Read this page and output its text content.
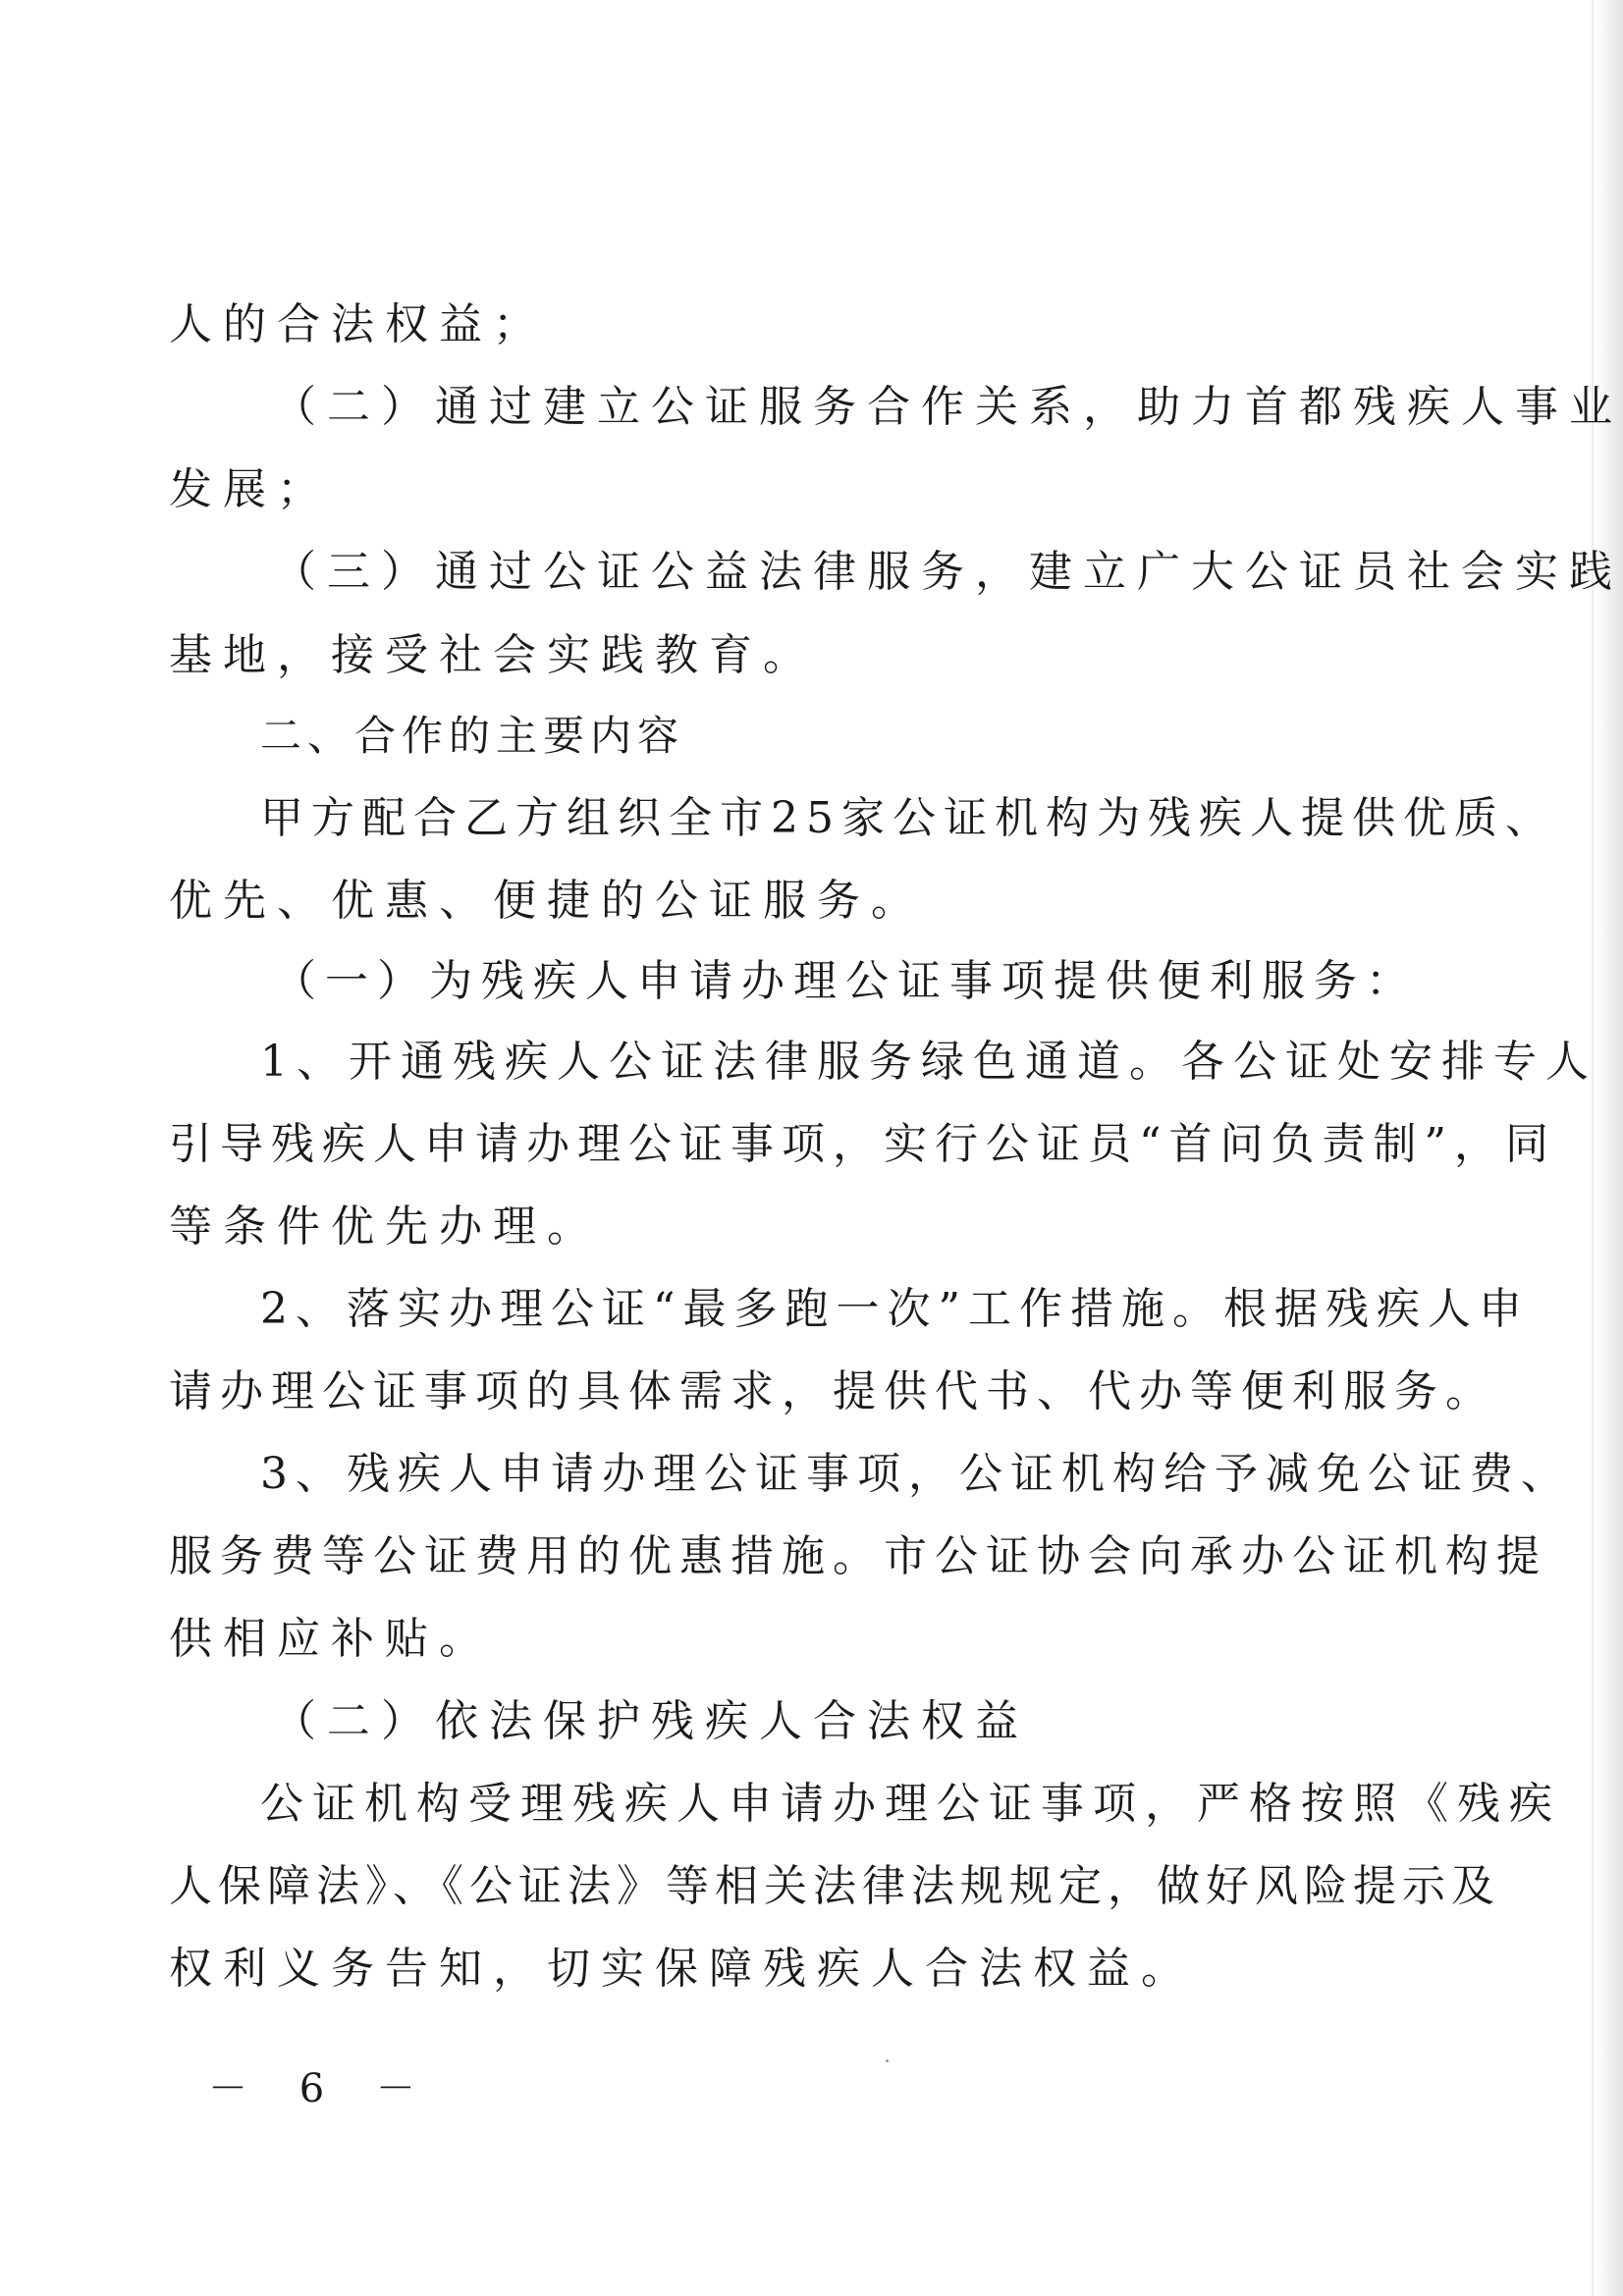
人的合法权益；
（二）通过建立公证服务合作关系，助力首都残疾人事业
发展；
（三）通过公证公益法律服务，建立广大公证员社会实践
基地，接受社会实践教育。
二、合作的主要内容
甲方配合乙方组织全市25家公证机构为残疾人提供优质、
优先、优惠、便捷的公证服务。
（一）为残疾人申请办理公证事项提供便利服务：
1、开通残疾人公证法律服务绿色通道。各公证处安排专人
引导残疾人申请办理公证事项，实行公证员“首问负责制”，同
等条件优先办理。
2、落实办理公证“最多跑一次”工作措施。根据残疾人申
请办理公证事项的具体需求，提供代书、代办等便利服务。
3、残疾人申请办理公证事项，公证机构给予减免公证费、
服务费等公证费用的优惠措施。市公证协会向承办公证机构提
供相应补贴。
（二）依法保护残疾人合法权益
公证机构受理残疾人申请办理公证事项，严格按照《残疾
人保障法》、《公证法》等相关法律法规规定，做好风险提示及
权利义务告知，切实保障残疾人合法权益。
－ 6 －
